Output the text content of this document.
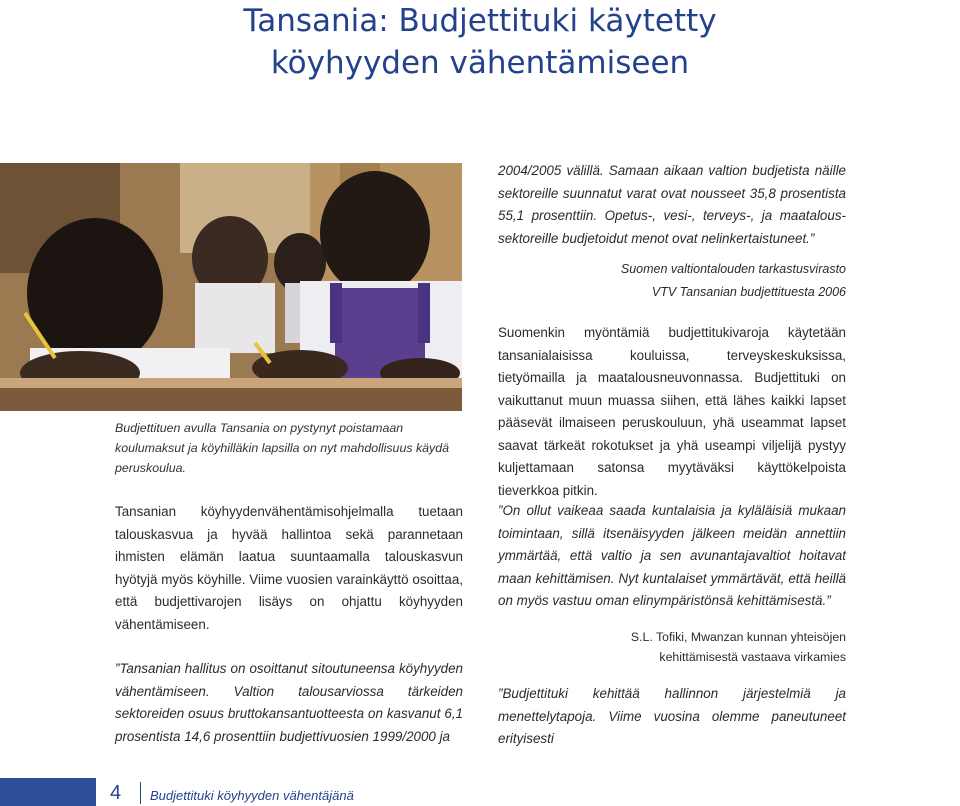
Tansania: Budjettituki käytetty köyhyyden vähentämiseen
Budjettituen avulla Tansania on pystynyt poistamaan koulumaksut ja köyhilläkin lapsilla on nyt mahdollisuus käydä peruskoulua.

Tansanian köyhyydenvähentämisohjelmalla tuetaan talouskasvua ja hyvää hallintoa sekä parannetaan ihmisten elämän laatua suuntaamalla talouskasvun hyötyjä myös köyhille. Viime vuosien varainkäyttö osoittaa, että budjettivarojen lisäys on ohjattu köyhyyden vähentämiseen.

”Tansanian hallitus on osoittanut sitoutuneensa köyhyyden vähentämiseen. Valtion talousarviossa tärkeiden sektoreiden osuus bruttokansantuotteesta on kasvanut 6,1 prosentista 14,6 prosenttiin budjettivuosien 1999/2000 ja

2004/2005 välillä. Samaan aikaan valtion budjetista näille sektoreille suunnatut varat ovat nousseet 35,8 prosentista 55,1 prosenttiin. Opetus-, vesi-, terveys-, ja maataloussektoreille budjetoidut menot ovat nelinkertaistuneet.”

Suomen valtiontalouden tarkastusvirasto
VTV Tansanian budjettituesta 2006

Suomenkin myöntämiä budjettitukivaroja käytetään tansanialaisissa kouluissa, terveyskeskuksissa, tietyömailla ja maatalousneuvonnassa. Budjettituki on vaikuttanut muun muassa siihen, että lähes kaikki lapset pääsevät ilmaiseen peruskouluun, yhä useammat lapset saavat tärkeät rokotukset ja yhä useampi viljelijä pystyy kuljettamaan satonsa myytäväksi käyttökelpoista tieverkkoa pitkin.

”On ollut vaikeaa saada kuntalaisia ja kyläläisiä mukaan toimintaan, sillä itsenäisyyden jälkeen meidän annettiin ymmärtää, että valtio ja sen avunantajavaltiot hoitavat maan kehittämisen. Nyt kuntalaiset ymmärtävät, että heillä on myös vastuu oman elinympäristönsä kehittämisestä.”

S.L. Tofiki, Mwanzan kunnan yhteisöjen
kehittämisestä vastaava virkamies

”Budjettituki kehittää hallinnon järjestelmiä ja menettelytapoja. Viime vuosina olemme paneutuneet erityisesti

4 Budjettituki köyhyyden vähentäjänä
